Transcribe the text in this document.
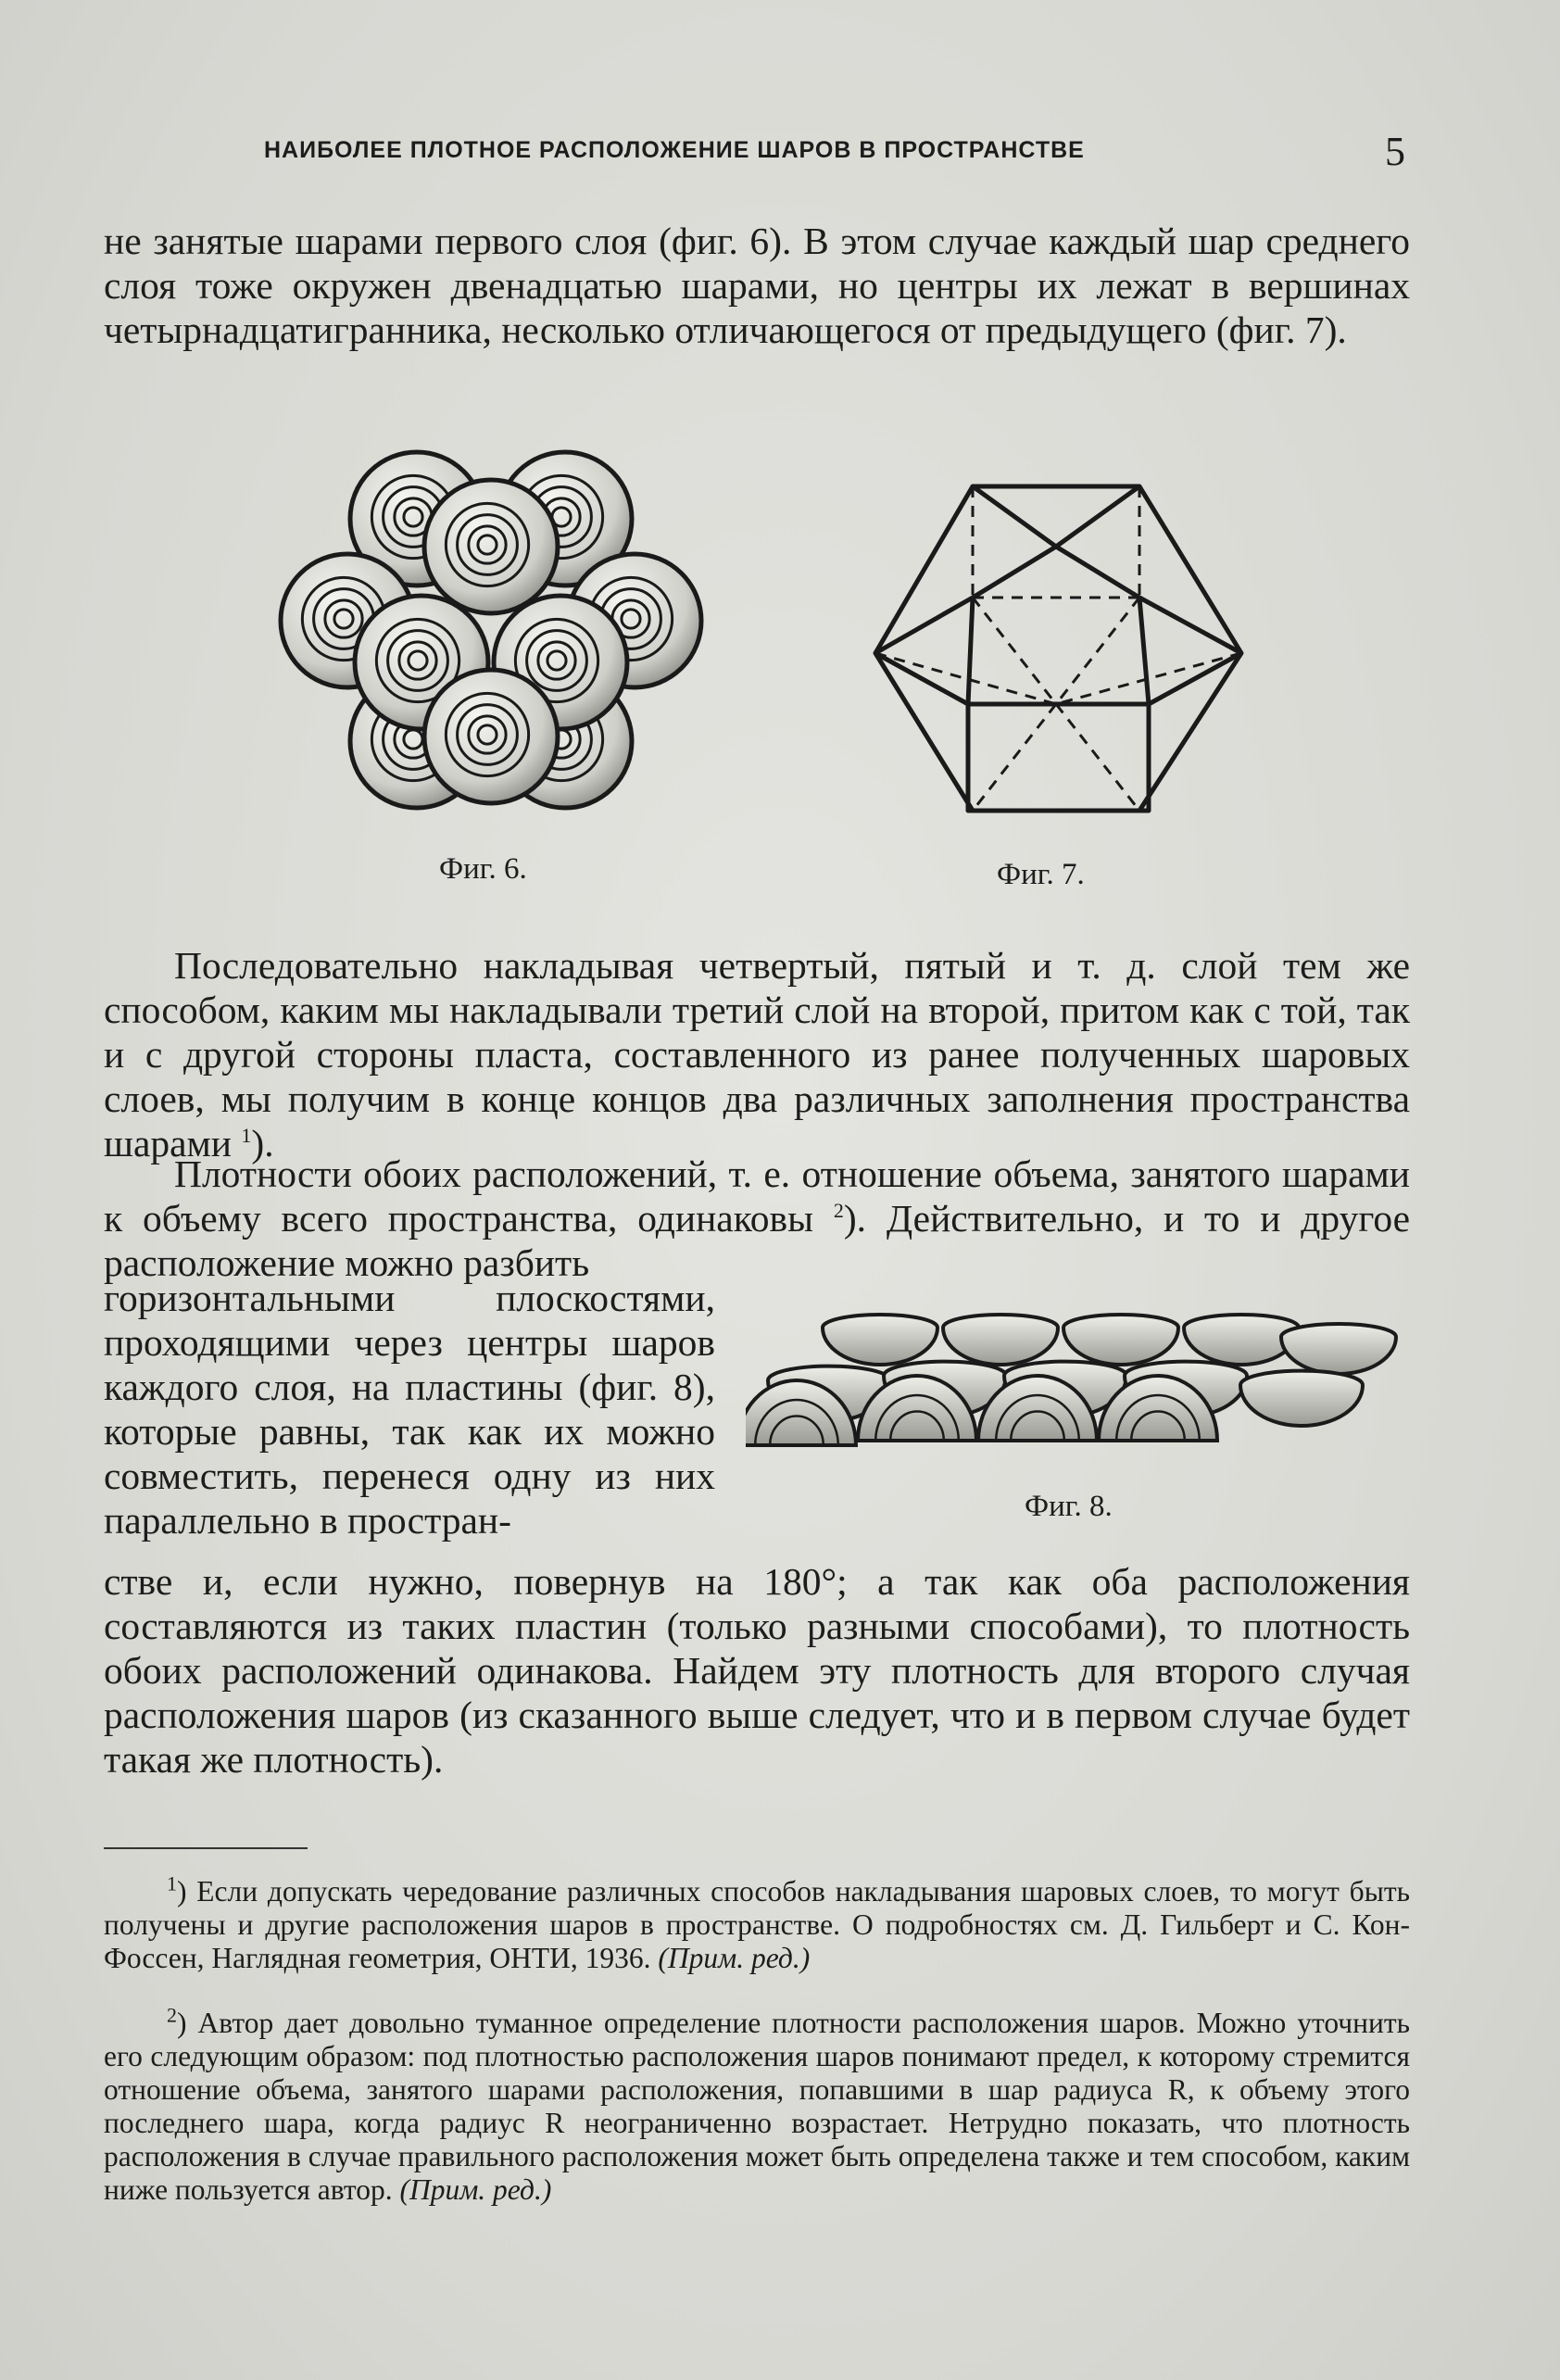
НАИБОЛЕЕ ПЛОТНОЕ РАСПОЛОЖЕНИЕ ШАРОВ В ПРОСТРАНСТВЕ	5

не занятые шарами первого слоя (фиг. 6). В этом случае каждый шар среднего слоя тоже окружен двенадцатью шарами, но центры их лежат в вершинах четырнадцатигранника, несколько отличающегося от предыдущего (фиг. 7).

Фиг. 6.	Фиг. 7.

Последовательно накладывая четвертый, пятый и т. д. слой тем же способом, каким мы накладывали третий слой на второй, притом как с той, так и с другой стороны пласта, составленного из ранее полученных шаровых слоев, мы получим в конце концов два различных заполнения пространства шарами $^1$).

Плотности обоих расположений, т. е. отношение объема, занятого шарами к объему всего пространства, одинаковы $^2$). Действительно, и то и другое расположение можно разбить

горизонтальными плоскостями, проходящими через центры шаров каждого слоя, на пластины (фиг. 8), которые равны, так как их можно совместить, перенеся одну из них параллельно в простран-	Фиг. 8.

стве и, если нужно, повернув на 180°; а так как оба расположения составляются из таких пластин (только разными способами), то плотность обоих расположений одинакова. Найдем эту плотность для второго случая расположения шаров (из сказанного выше следует, что и в первом случае будет такая же плотность).

$^1$) Если допускать чередование различных способов накладывания шаровых слоев, то могут быть получены и другие расположения шаров в пространстве. О подробностях см. Д. Гильберт и С. Кон-Фоссен, Наглядная геометрия, ОНТИ, 1936. (Прим. ред.)

$^2$) Автор дает довольно туманное определение плотности расположения шаров. Можно уточнить его следующим образом: под плотностью расположения шаров понимают предел, к которому стремится отношение объема, занятого шарами расположения, попавшими в шар радиуса R, к объему этого последнего шара, когда радиус R неограниченно возрастает. Нетрудно показать, что плотность расположения в случае правильного расположения может быть определена также и тем способом, каким ниже пользуется автор. (Прим. ред.)
